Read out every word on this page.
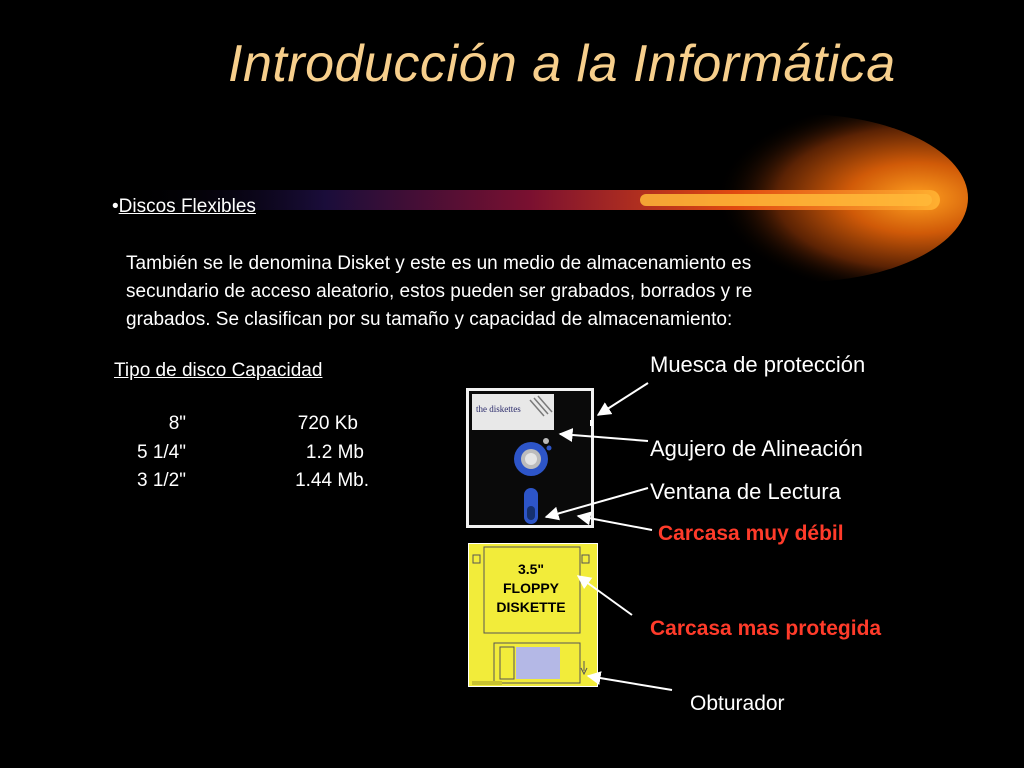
Introducción a la Informática
•Discos Flexibles
También se le denomina Disket y este es un medio de almacenamiento es
secundario de acceso aleatorio, estos pueden ser grabados, borrados y re
grabados. Se clasifican por su tamaño y capacidad de almacenamiento:
Tipo de disco Capacidad
8"	720 Kb
5 1/4"	1.2 Mb
3 1/2"	1.44 Mb.
the diskettes
3.5"
FLOPPY
DISKETTE
Muesca de protección
Agujero de Alineación
Ventana de Lectura
Carcasa muy débil
Carcasa mas protegida
Obturador
